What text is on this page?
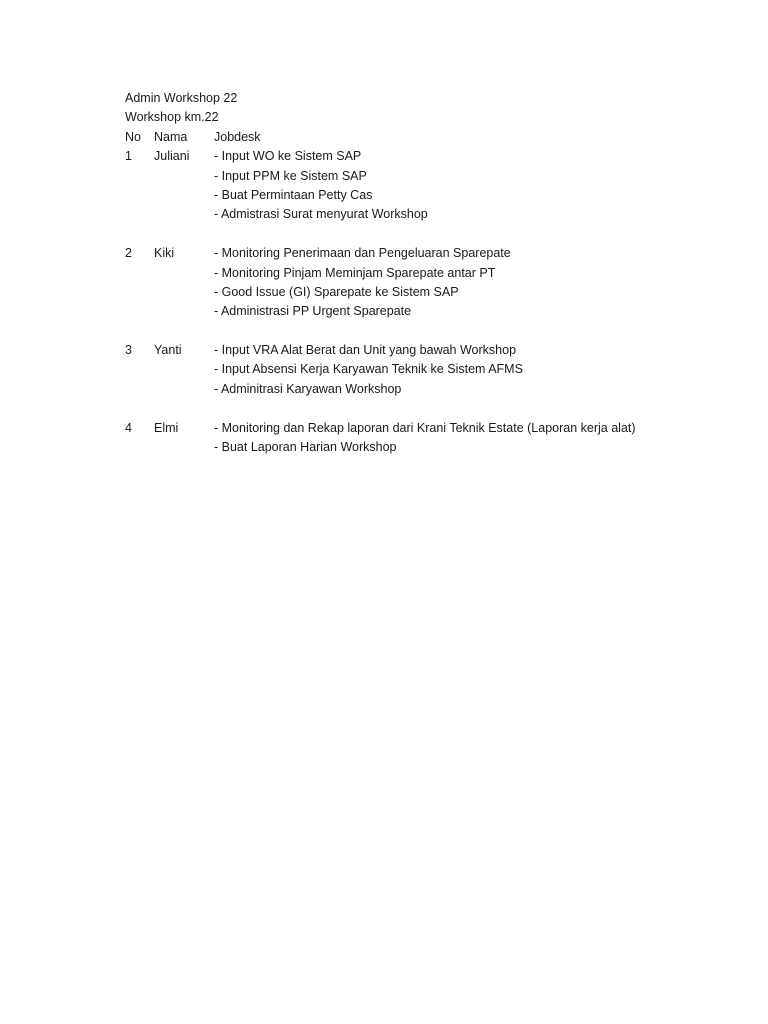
Admin Workshop 22
Workshop km.22
No	Nama	Jobdesk
1	Juliani	- Input WO ke Sistem SAP
- Input PPM ke Sistem SAP
- Buat Permintaan Petty Cas
- Admistrasi Surat menyurat Workshop
2	Kiki	- Monitoring Penerimaan dan Pengeluaran Sparepate
- Monitoring Pinjam Meminjam Sparepate antar PT
- Good Issue (GI) Sparepate ke Sistem SAP
- Administrasi PP Urgent Sparepate
3	Yanti	- Input VRA Alat Berat dan Unit yang bawah Workshop
- Input Absensi Kerja Karyawan Teknik ke Sistem AFMS
- Adminitrasi Karyawan Workshop
4	Elmi	- Monitoring dan Rekap laporan dari Krani Teknik Estate (Laporan kerja alat)
- Buat Laporan Harian Workshop
